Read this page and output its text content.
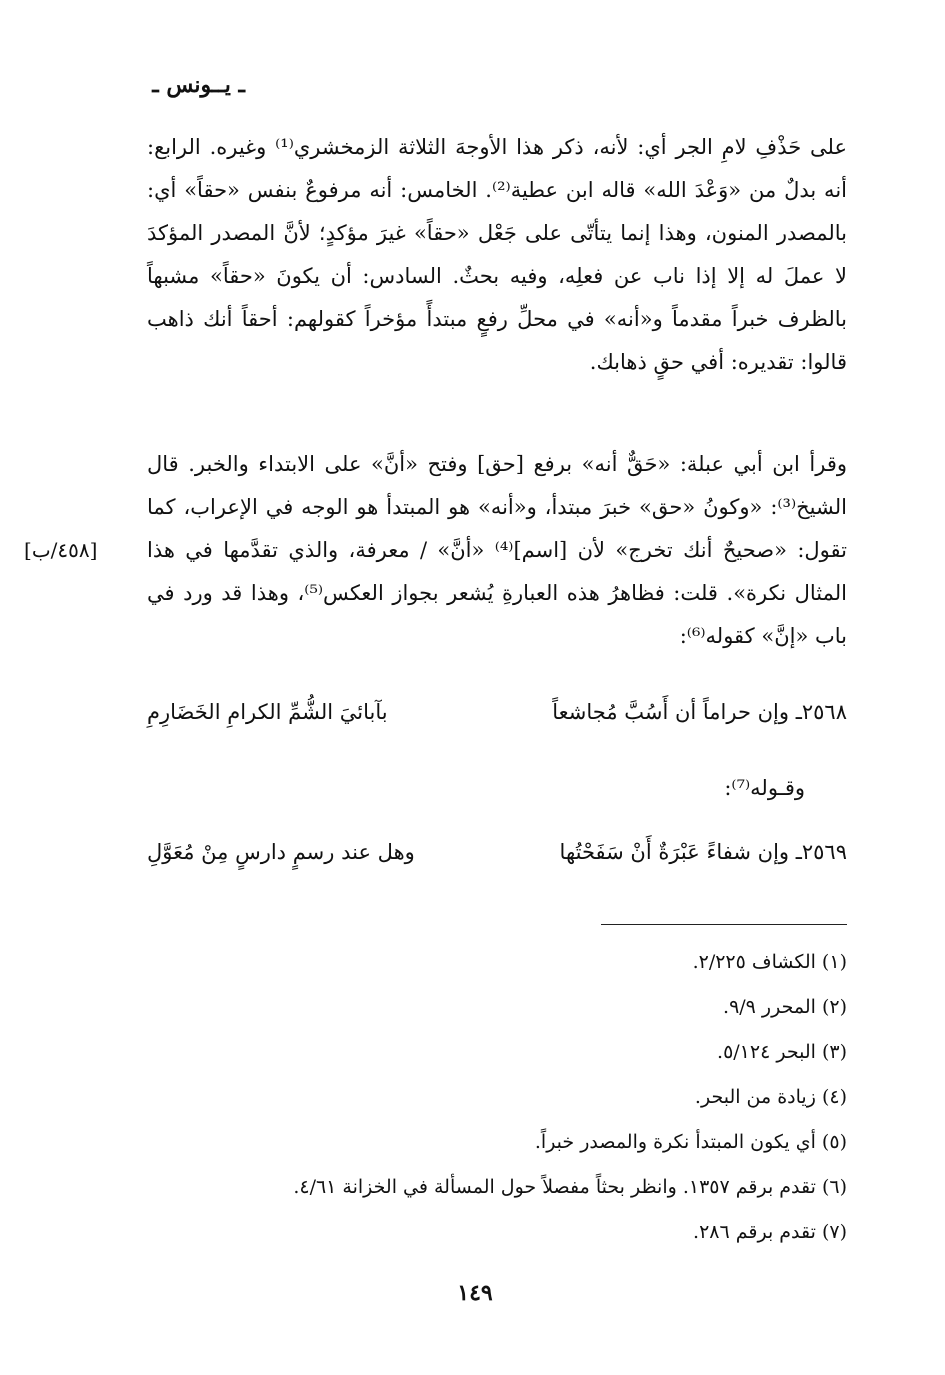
ـ يــونس ـ

على حَذْفِ لامِ الجر أي: لأنه، ذكر هذا الأوجهَ الثلاثة الزمخشري⁽¹⁾ وغيره. الرابع: أنه بدلٌ من «وَعْدَ الله» قاله ابن عطية⁽²⁾. الخامس: أنه مرفوعٌ بنفس «حقاً» أي: بالمصدر المنون، وهذا إنما يتأتّى على جَعْل «حقاً» غيرَ مؤكدٍ؛ لأنَّ المصدر المؤكدَ لا عملَ له إلا إذا ناب عن فعلِه، وفيه بحثٌ. السادس: أن يكونَ «حقاً» مشبهاً بالظرف خبراً مقدماً و«أنه» في محلِّ رفعٍ مبتدأً مؤخراً كقولهم: أحقاً أنك ذاهب قالوا: تقديره: أفي حقٍ ذهابك.

وقرأ ابن أبي عبلة: «حَقٌّ أنه» برفع [حق] وفتح «أنَّ» على الابتداء والخبر. قال الشيخ⁽³⁾: «وكونُ «حق» خبرَ مبتدأ، و«أنه» هو المبتدأ هو الوجه في الإعراب، كما تقول: «صحيحٌ أنك تخرج» لأن [اسم]⁽⁴⁾ «أنَّ» / معرفة، والذي تقدَّمها في هذا المثال نكرة». قلت: فظاهرُ هذه العبارةِ يُشعر بجواز العكس⁽⁵⁾، وهذا قد ورد في باب «إنَّ» كقوله⁽⁶⁾:

[٤٥٨/ب]
٢٥٦٨ـ وإن حراماً أن أَسُبَّ مُجاشعاً
بآبائيَ الشُّمِّ الكرامِ الخَضَارِمِ
وقـوله⁽⁷⁾:
٢٥٦٩ـ وإن شفاءً عَبْرَةٌ أَنْ سَفَحْتُها
وهل عند رسمٍ دارسٍ مِنْ مُعَوَّلِ
(١) الكشاف ٢/٢٢٥.
(٢) المحرر ٩/٩.
(٣) البحر ٥/١٢٤.
(٤) زيادة من البحر.
(٥) أي يكون المبتدأ نكرة والمصدر خبراً.
(٦) تقدم برقم ١٣٥٧. وانظر بحثاً مفصلاً حول المسألة في الخزانة ٤/٦١.
(٧) تقدم برقم ٢٨٦.
١٤٩
